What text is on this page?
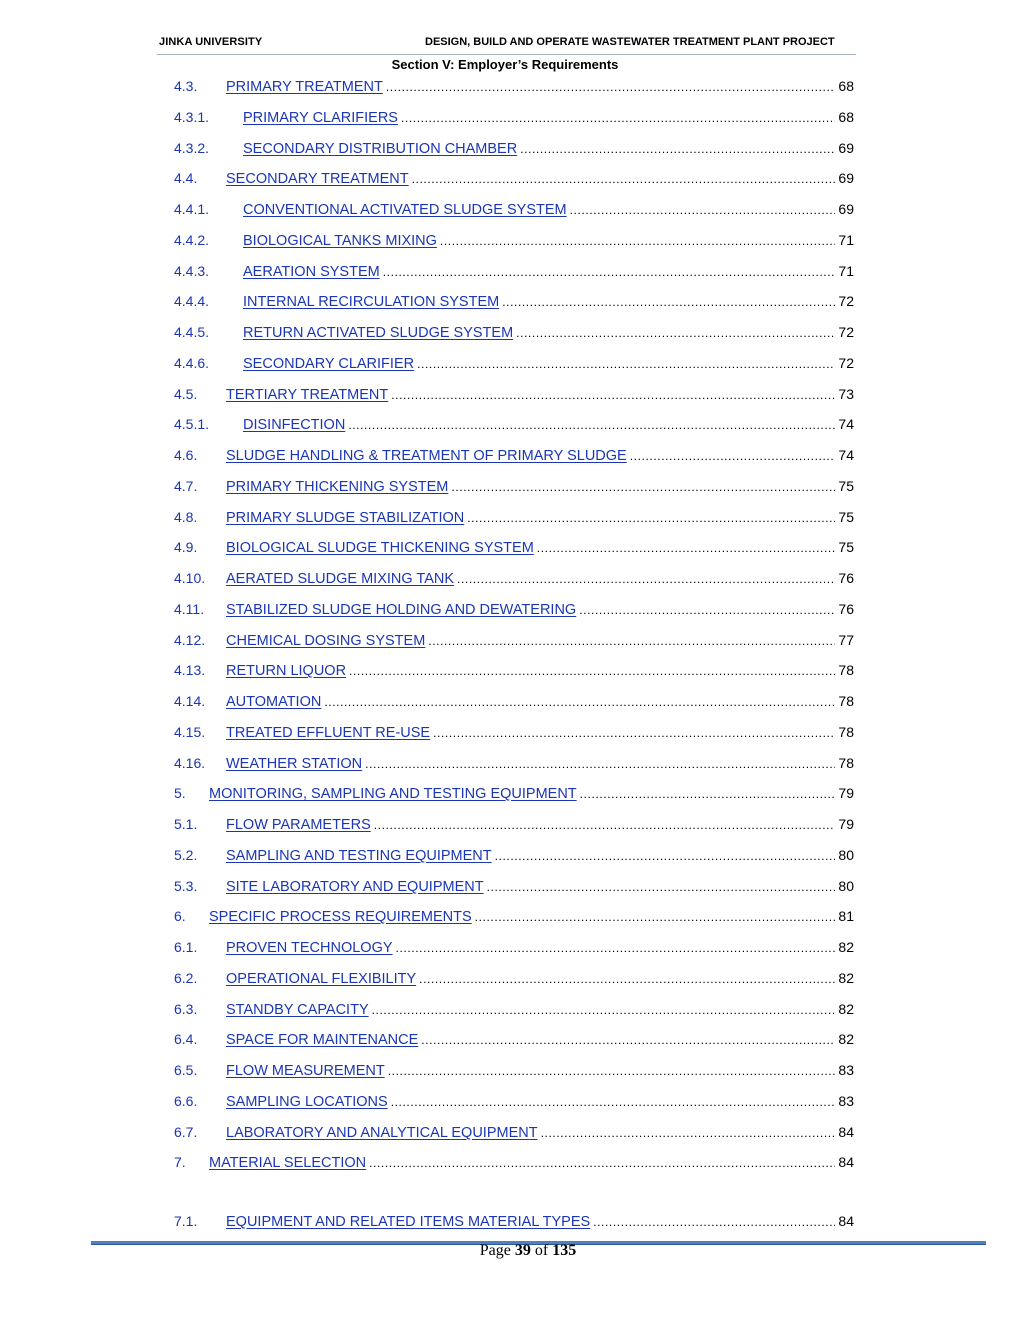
JINKA UNIVERSITY	DESIGN, BUILD AND OPERATE WASTEWATER TREATMENT PLANT PROJECT
Section V: Employer’s Requirements
4.3.	PRIMARY TREATMENT .....	68
4.3.1.	PRIMARY CLARIFIERS .....	68
4.3.2.	SECONDARY DISTRIBUTION CHAMBER .....	69
4.4.	SECONDARY TREATMENT .....	69
4.4.1.	CONVENTIONAL ACTIVATED SLUDGE SYSTEM .....	69
4.4.2.	BIOLOGICAL TANKS MIXING .....	71
4.4.3.	AERATION SYSTEM .....	71
4.4.4.	INTERNAL RECIRCULATION SYSTEM .....	72
4.4.5.	RETURN ACTIVATED SLUDGE SYSTEM .....	72
4.4.6.	SECONDARY CLARIFIER .....	72
4.5.	TERTIARY TREATMENT .....	73
4.5.1.	DISINFECTION .....	74
4.6.	SLUDGE HANDLING & TREATMENT OF PRIMARY SLUDGE .....	74
4.7.	PRIMARY THICKENING SYSTEM .....	75
4.8.	PRIMARY SLUDGE STABILIZATION .....	75
4.9.	BIOLOGICAL SLUDGE THICKENING SYSTEM .....	75
4.10.	AERATED SLUDGE MIXING TANK .....	76
4.11.	STABILIZED SLUDGE HOLDING AND DEWATERING .....	76
4.12.	CHEMICAL DOSING SYSTEM .....	77
4.13.	RETURN LIQUOR .....	78
4.14.	AUTOMATION .....	78
4.15.	TREATED EFFLUENT RE-USE .....	78
4.16.	WEATHER STATION .....	78
5.	MONITORING, SAMPLING AND TESTING EQUIPMENT .....	79
5.1.	FLOW PARAMETERS .....	79
5.2.	SAMPLING AND TESTING EQUIPMENT .....	80
5.3.	SITE LABORATORY AND EQUIPMENT .....	80
6.	SPECIFIC PROCESS REQUIREMENTS .....	81
6.1.	PROVEN TECHNOLOGY .....	82
6.2.	OPERATIONAL FLEXIBILITY .....	82
6.3.	STANDBY CAPACITY .....	82
6.4.	SPACE FOR MAINTENANCE .....	82
6.5.	FLOW MEASUREMENT .....	83
6.6.	SAMPLING LOCATIONS .....	83
6.7.	LABORATORY AND ANALYTICAL EQUIPMENT .....	84
7.	MATERIAL SELECTION .....	84
7.1.	EQUIPMENT AND RELATED ITEMS MATERIAL TYPES .....	84
Page 39 of 135
